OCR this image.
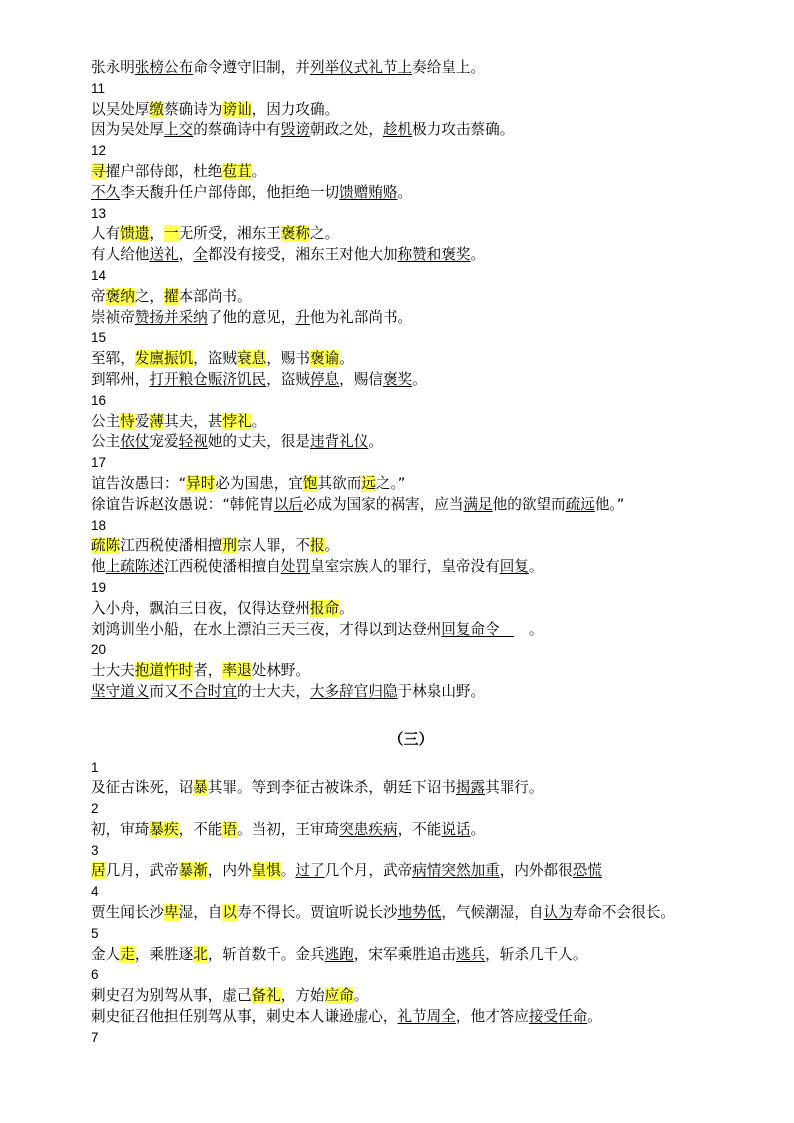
张永明张榜公布命令遵守旧制，并列举仪式礼节上奏给皇上。
11
以吴处厚缴蔡确诗为谤讪，因力攻确。
因为吴处厚上交的蔡确诗中有毁谤朝政之处，趁机极力攻击蔡确。
12
寻擢户部侍郎，杜绝苞苴。
不久李天馥升任户部侍郎，他拒绝一切馈赠贿赂。
13
人有馈遗，一无所受，湘东王褒称之。
有人给他送礼，全都没有接受，湘东王对他大加称赞和褒奖。
14
帝褒纳之，擢本部尚书。
崇祯帝赞扬并采纳了他的意见，升他为礼部尚书。
15
至郓，发廪振饥，盗贼衰息，赐书褒谕。
到郓州，打开粮仓赈济饥民，盗贼停息，赐信褒奖。
16
公主恃爱薄其夫，甚悖礼。
公主依仗宠爱轻视她的丈夫，很是违背礼仪。
17
谊告汝愚曰：“异时必为国患，宜饱其欲而远之。”
徐谊告诉赵汝愚说：“韩侂胄以后必成为国家的祸害，应当满足他的欲望而疏远他。”
18
疏陈江西税使潘相擅刑宗人罪，不报。
他上疏陈述江西税使潘相擅自处罚皇室宗族人的罪行，皇帝没有回复。
19
入小舟，飘泊三日夜，仅得达登州报命。
刘鸿训坐小船，在水上漂泊三天三夜，才得以到达登州回复命令　　。
20
士大夫抱道忤时者，率退处林野。
坚守道义而又不合时宜的士大夫，大多辞官归隐于林泉山野。
（三）
1
及征古诛死，诏暴其罪。等到李征古被诛杀，朝廷下诏书揭露其罪行。
2
初，审琦暴疾，不能语。当初，王审琦突患疾病，不能说话。
3
居几月，武帝暴渐，内外皇惧。过了几个月，武帝病情突然加重，内外都很恐慌
4
贾生闻长沙卑湿，自以寿不得长。贾谊听说长沙地势低，气候潮湿，自认为寿命不会很长。
5
金人走，乘胜逐北，斩首数千。金兵逃跑，宋军乘胜追击逃兵，斩杀几千人。
6
刺史召为别驾从事，虚己备礼，方始应命。
刺史征召他担任别驾从事，刺史本人谦逊虚心，礼节周全，他才答应接受任命。
7
